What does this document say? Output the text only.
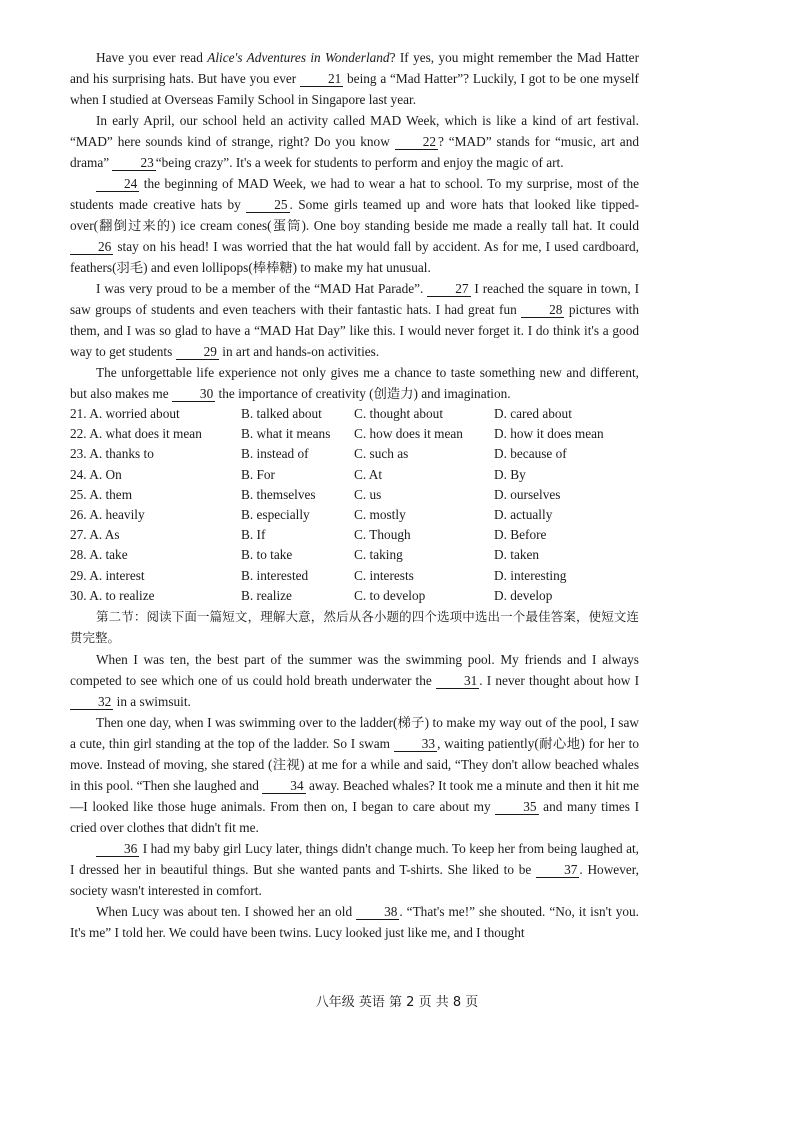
Have you ever read Alice's Adventures in Wonderland? If yes, you might remember the Mad Hatter and his surprising hats. But have you ever 21 being a “Mad Hatter”? Luckily, I got to be one myself when I studied at Overseas Family School in Singapore last year.

In early April, our school held an activity called MAD Week, which is like a kind of art festival. “MAD” here sounds kind of strange, right? Do you know 22 ? “MAD” stands for “music, art and drama” 23 “being crazy”. It's a week for students to perform and enjoy the magic of art.

24 the beginning of MAD Week, we had to wear a hat to school. To my surprise, most of the students made creative hats by 25 . Some girls teamed up and wore hats that looked like tipped-over(翻倒过来的) ice cream cones(蛋筒). One boy standing beside me made a really tall hat. It could 26 stay on his head! I was worried that the hat would fall by accident. As for me, I used cardboard, feathers(羽毛) and even lollipops(棒棒糖) to make my hat unusual.

I was very proud to be a member of the “MAD Hat Parade”. 27 I reached the square in town, I saw groups of students and even teachers with their fantastic hats. I had great fun 28 pictures with them, and I was so glad to have a “MAD Hat Day” like this. I would never forget it. I do think it's a good way to get students 29 in art and hands-on activities.

The unforgettable life experience not only gives me a chance to taste something new and different, but also makes me 30 the importance of creativity (创造力) and imagination.

21. A. worried about	B. talked about	C. thought about	D. cared about
22. A. what does it mean	B. what it means	C. how does it mean	D. how it does mean
23. A. thanks to	B. instead of	C. such as	D. because of
24. A. On	B. For	C. At	D. By
25. A. them	B. themselves	C. us	D. ourselves
26. A. heavily	B. especially	C. mostly	D. actually
27. A. As	B. If	C. Though	D. Before
28. A. take	B. to take	C. taking	D. taken
29. A. interest	B. interested	C. interests	D. interesting
30. A. to realize	B. realize	C. to develop	D. develop

第二节：阅读下面一篇短文，理解大意，然后从各小题的四个选项中选出一个最佳答案，使短文连贯完整。

When I was ten, the best part of the summer was the swimming pool. My friends and I always competed to see which one of us could hold breath underwater the 31 . I never thought about how I 32 in a swimsuit.

Then one day, when I was swimming over to the ladder(梯子) to make my way out of the pool, I saw a cute, thin girl standing at the top of the ladder. So I swam 33 , waiting patiently(耐心地) for her to move. Instead of moving, she stared (注视) at me for a while and said, “They don't allow beached whales in this pool. “Then she laughed and 34 away. Beached whales? It took me a minute and then it hit me —I looked like those huge animals. From then on, I began to care about my 35 and many times I cried over clothes that didn't fit me.

36 I had my baby girl Lucy later, things didn't change much. To keep her from being laughed at, I dressed her in beautiful things. But she wanted pants and T-shirts. She liked to be 37 . However, society wasn't interested in comfort.

When Lucy was about ten. I showed her an old 38 . “That's me!” she shouted. “No, it isn't you. It's me” I told her. We could have been twins. Lucy looked just like me, and I thought

八年级 英语 第 2 页 共 8 页
